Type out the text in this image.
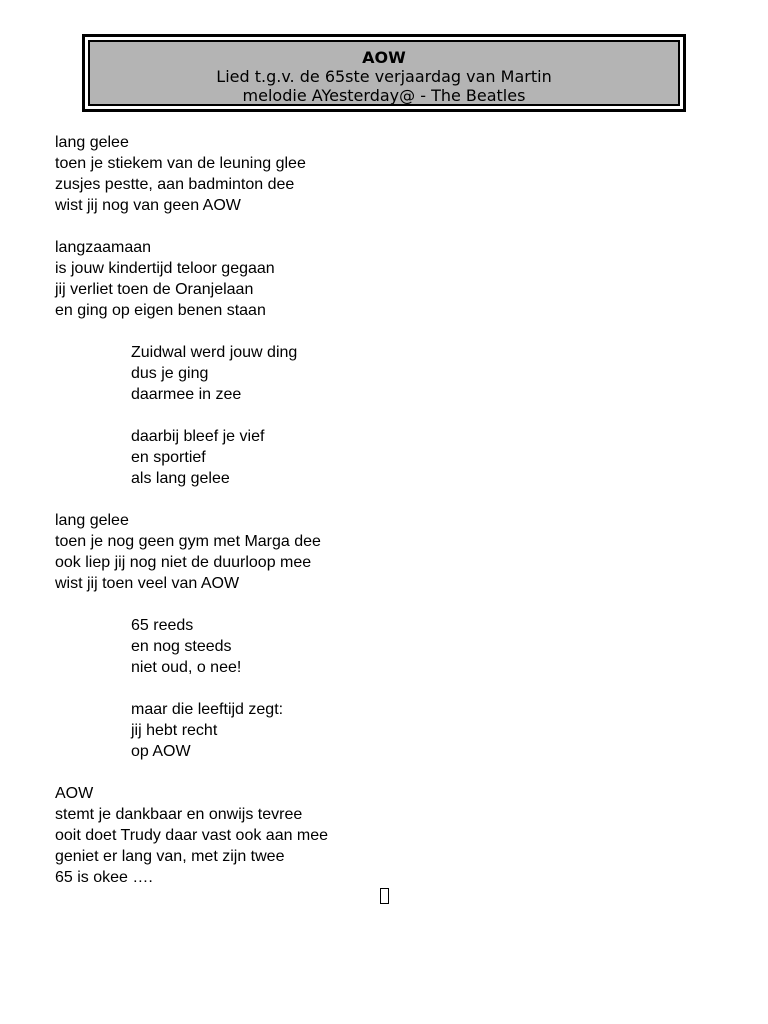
AOW
Lied t.g.v. de 65ste verjaardag van Martin
melodie AYesterday@ - The Beatles
lang gelee
toen je stiekem van de leuning glee
zusjes pestte, aan badminton dee
wist jij nog van geen AOW
langzaamaan
is jouw kindertijd teloor gegaan
jij verliet toen de Oranjelaan
en ging op eigen benen staan
Zuidwal werd jouw ding
dus je ging
daarmee in zee
daarbij bleef je vief
en sportief
als lang gelee
lang gelee
toen je nog geen gym met Marga dee
ook liep jij nog niet de duurloop mee
wist jij toen veel van AOW
65 reeds
en nog steeds
niet oud, o nee!
maar die leeftijd zegt:
jij hebt recht
op AOW
AOW
stemt je dankbaar en onwijs tevree
ooit doet Trudy daar vast ook aan mee
geniet er lang van, met zijn twee
65 is okee ….
